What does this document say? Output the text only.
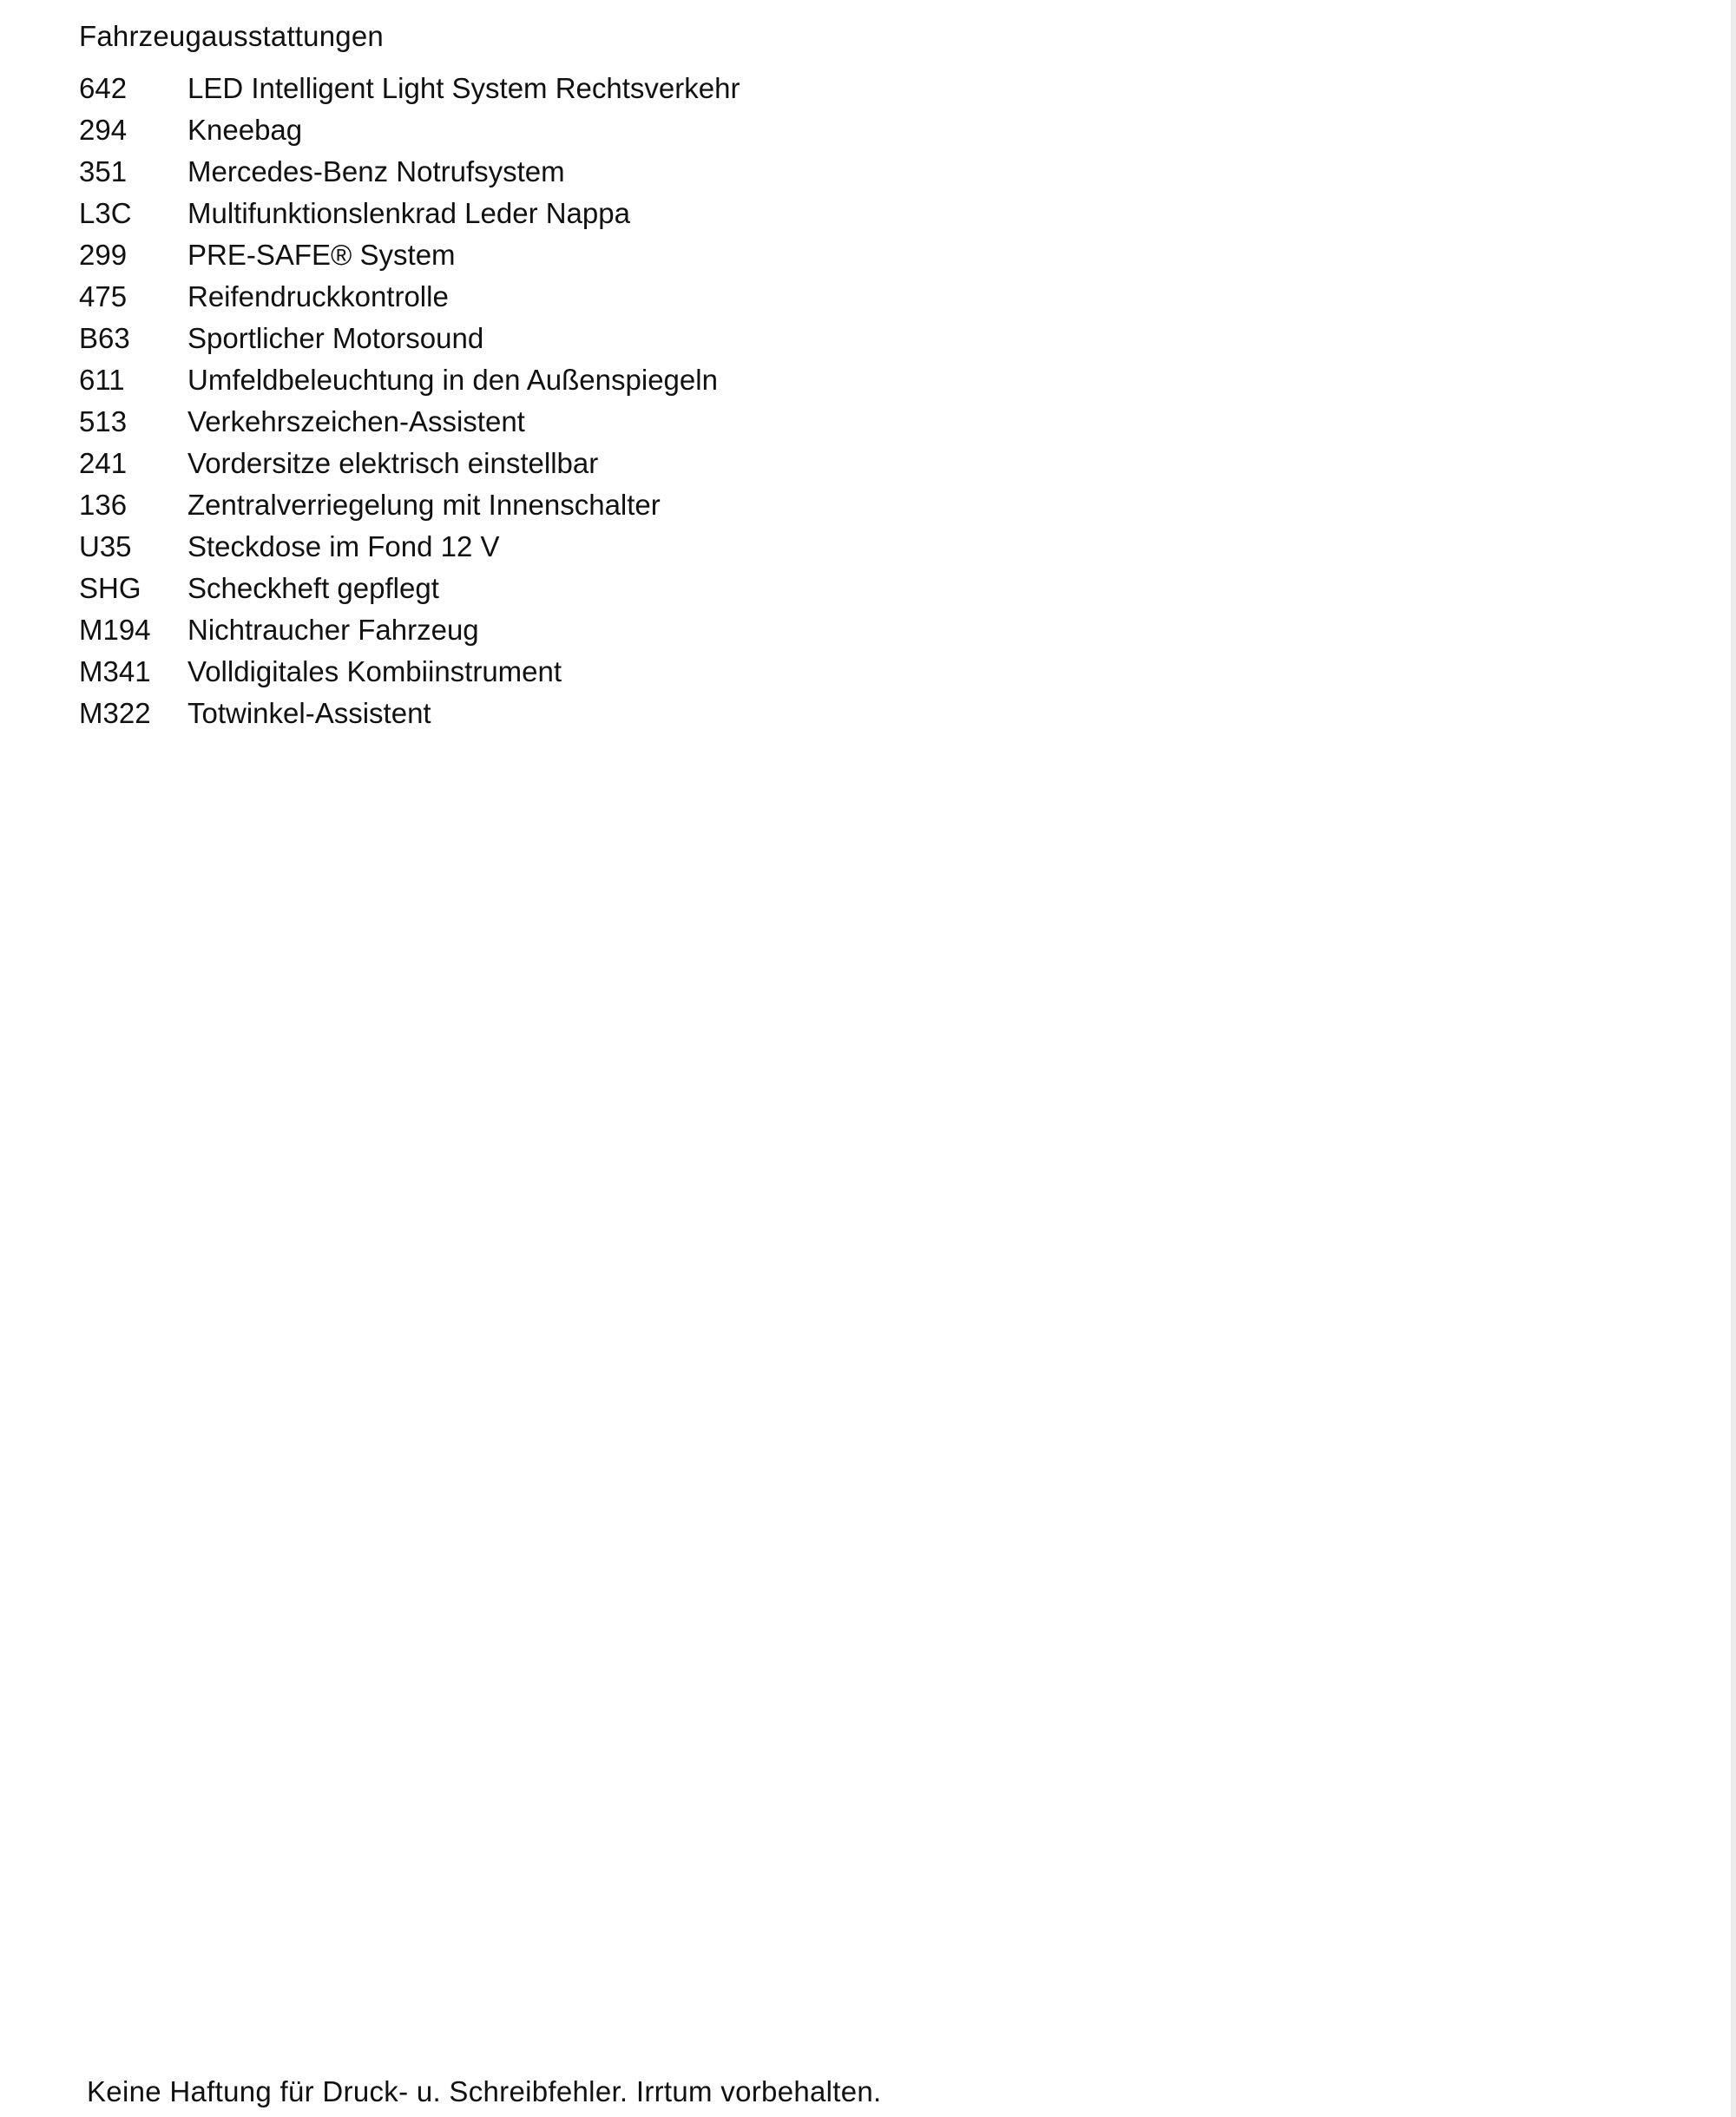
Fahrzeugausstattungen
642 LED Intelligent Light System Rechtsverkehr
294 Kneebag
351 Mercedes-Benz Notrufsystem
L3C Multifunktionslenkrad Leder Nappa
299 PRE-SAFE® System
475 Reifendruckkontrolle
B63 Sportlicher Motorsound
611 Umfeldbeleuchtung in den Außenspiegeln
513 Verkehrszeichen-Assistent
241 Vordersitze elektrisch einstellbar
136 Zentralverriegelung mit Innenschalter
U35 Steckdose im Fond 12 V
SHG Scheckheft gepflegt
M194 Nichtraucher Fahrzeug
M341 Volldigitales Kombiinstrument
M322 Totwinkel-Assistent
Keine Haftung für Druck- u. Schreibfehler. Irrtum vorbehalten.
